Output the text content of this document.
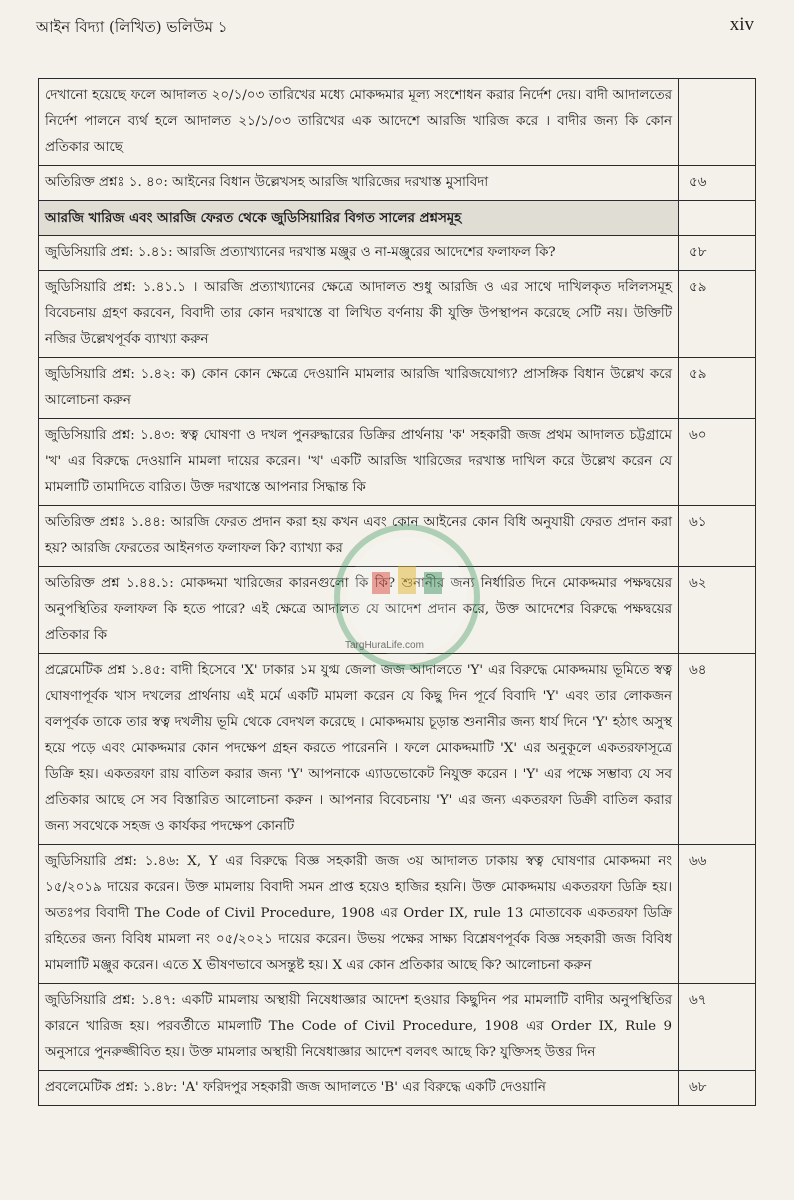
আইন বিদ্যা (লিখিত) ভলিউম ১	xiv
দেখানো হয়েছে ফলে আদালত ২০/১/০৩ তারিখের মধ্যে মোকদ্দমার মূল্য সংশোধন করার নির্দেশ দেয়। বাদী আদালতের নির্দেশ পালনে ব্যর্থ হলে আদালত ২১/১/০৩ তারিখের এক আদেশে আরজি খারিজ করে । বাদীর জন্য কি কোন প্রতিকার আছে	
অতিরিক্ত প্রশ্নঃ ১. ৪০: আইনের বিধান উল্লেখসহ আরজি খারিজের দরখাস্ত মুসাবিদা	৫৬
আরজি খারিজ এবং আরজি ফেরত থেকে জুডিসিয়ারির বিগত সালের প্রশ্নসমূহ	
জুডিসিয়ারি প্রশ্ন: ১.৪১: আরজি প্রত্যাখ্যানের দরখাস্ত মঞ্জুর ও না-মঞ্জুরের আদেশের ফলাফল কি?	৫৮
জুডিসিয়ারি প্রশ্ন: ১.৪১.১ । আরজি প্রত্যাখ্যানের ক্ষেত্রে আদালত শুধু আরজি ও এর সাথে দাখিলকৃত দলিলসমূহ বিবেচনায় গ্রহণ করবেন, বিবাদী তার কোন দরখাস্তে বা লিখিত বর্ণনায় কী যুক্তি উপস্থাপন করেছে সেটি নয়। উক্তিটি নজির উল্লেখপূর্বক ব্যাখ্যা করুন	৫৯
জুডিসিয়ারি প্রশ্ন: ১.৪২: ক) কোন কোন ক্ষেত্রে দেওয়ানি মামলার আরজি খারিজযোগ্য? প্রাসঙ্গিক বিধান উল্লেখ করে আলোচনা করুন	৫৯
জুডিসিয়ারি প্রশ্ন: ১.৪৩: স্বত্ব ঘোষণা ও দখল পুনরুদ্ধারের ডিক্রির প্রার্থনায় 'ক' সহকারী জজ প্রথম আদালত চট্টগ্রামে 'খ' এর বিরুদ্ধে দেওয়ানি মামলা দায়ের করেন। 'খ' একটি আরজি খারিজের দরখাস্ত দাখিল করে উল্লেখ করেন যে মামলাটি তামাদিতে বারিত। উক্ত দরখাস্তে আপনার সিদ্ধান্ত কি	৬০
অতিরিক্ত প্রশ্নঃ ১.৪৪: আরজি ফেরত প্রদান করা হয় কখন এবং কোন আইনের কোন বিধি অনুযায়ী ফেরত প্রদান করা হয়? আরজি ফেরতের আইনগত ফলাফল কি? ব্যাখ্যা কর	৬১
অতিরিক্ত প্রশ্ন ১.৪৪.১: মোকদ্দমা খারিজের কারনগুলো কি কি? শুনানীর জন্য নির্ধারিত দিনে মোকদ্দমার পক্ষদ্বয়ের অনুপস্থিতির ফলাফল কি হতে পারে? এই ক্ষেত্রে আদালত যে আদেশ প্রদান করে, উক্ত আদেশের বিরুদ্ধে পক্ষদ্বয়ের প্রতিকার কি	৬২
প্রব্লেমেটিক প্রশ্ন ১.৪৫: বাদী হিসেবে 'X' ঢাকার ১ম যুগ্ম জেলা জজ আদালতে 'Y' এর বিরুদ্ধে মোকদ্দমায় ভূমিতে স্বত্ব ঘোষণাপূর্বক খাস দখলের প্রার্থনায় এই মর্মে একটি মামলা করেন যে কিছু দিন পূর্বে বিবাদি 'Y' এবং তার লোকজন বলপূর্বক তাকে তার স্বত্ব দখলীয় ভূমি থেকে বেদখল করেছে । মোকদ্দমায় চূড়ান্ত শুনানীর জন্য ধার্য দিনে 'Y' হঠাৎ অসুস্থ হয়ে পড়ে এবং মোকদ্দমার কোন পদক্ষেপ গ্রহন করতে পারেননি । ফলে মোকদ্দমাটি 'X' এর অনুকূলে একতরফাসূত্রে ডিক্রি হয়। একতরফা রায় বাতিল করার জন্য 'Y' আপনাকে এ্যাডভোকেট নিযুক্ত করেন । 'Y' এর পক্ষে সম্ভাব্য যে সব প্রতিকার আছে সে সব বিস্তারিত আলোচনা করুন । আপনার বিবেচনায় 'Y' এর জন্য একতরফা ডিক্রী বাতিল করার জন্য সবথেকে সহজ ও কার্যকর পদক্ষেপ কোনটি	৬৪
জুডিসিয়ারি প্রশ্ন: ১.৪৬: X, Y এর বিরুদ্ধে বিজ্ঞ সহকারী জজ ৩য় আদালত ঢাকায় স্বত্ব ঘোষণার মোকদ্দমা নং ১৫/২০১৯ দায়ের করেন। উক্ত মামলায় বিবাদী সমন প্রাপ্ত হয়েও হাজির হয়নি। উক্ত মোকদ্দমায় একতরফা ডিক্রি হয়। অতঃপর বিবাদী The Code of Civil Procedure, 1908 এর Order IX, rule 13 মোতাবেক একতরফা ডিক্রি রহিতের জন্য বিবিধ মামলা নং ০৫/২০২১ দায়ের করেন। উভয় পক্ষের সাক্ষ্য বিশ্লেষণপূর্বক বিজ্ঞ সহকারী জজ বিবিধ মামলাটি মঞ্জুর করেন। এতে X ভীষণভাবে অসন্তুষ্ট হয়। X এর কোন প্রতিকার আছে কি? আলোচনা করুন	৬৬
জুডিসিয়ারি প্রশ্ন: ১.৪৭: একটি মামলায় অস্থায়ী নিষেধাজ্ঞার আদেশ হওয়ার কিছুদিন পর মামলাটি বাদীর অনুপস্থিতির কারনে খারিজ হয়। পরবর্তীতে মামলাটি The Code of Civil Procedure, 1908 এর Order IX, Rule 9 অনুসারে পুনরুজ্জীবিত হয়। উক্ত মামলার অস্থায়ী নিষেধাজ্ঞার আদেশ বলবৎ আছে কি? যুক্তিসহ উত্তর দিন	৬৭
প্রবলেমেটিক প্রশ্ন: ১.৪৮: 'A' ফরিদপুর সহকারী জজ আদালতে 'B' এর বিরুদ্ধে একটি দেওয়ানি	৬৮
TargHuraLife.com
